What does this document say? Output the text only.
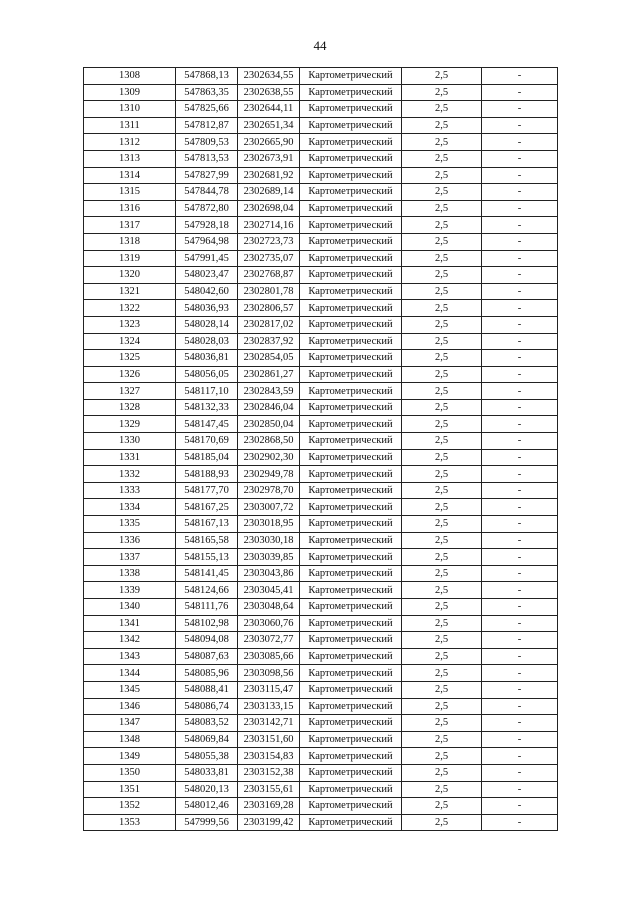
44
1308	547868,13	2302634,55	Картометрический	2,5	-
1309	547863,35	2302638,55	Картометрический	2,5	-
1310	547825,66	2302644,11	Картометрический	2,5	-
1311	547812,87	2302651,34	Картометрический	2,5	-
1312	547809,53	2302665,90	Картометрический	2,5	-
1313	547813,53	2302673,91	Картометрический	2,5	-
1314	547827,99	2302681,92	Картометрический	2,5	-
1315	547844,78	2302689,14	Картометрический	2,5	-
1316	547872,80	2302698,04	Картометрический	2,5	-
1317	547928,18	2302714,16	Картометрический	2,5	-
1318	547964,98	2302723,73	Картометрический	2,5	-
1319	547991,45	2302735,07	Картометрический	2,5	-
1320	548023,47	2302768,87	Картометрический	2,5	-
1321	548042,60	2302801,78	Картометрический	2,5	-
1322	548036,93	2302806,57	Картометрический	2,5	-
1323	548028,14	2302817,02	Картометрический	2,5	-
1324	548028,03	2302837,92	Картометрический	2,5	-
1325	548036,81	2302854,05	Картометрический	2,5	-
1326	548056,05	2302861,27	Картометрический	2,5	-
1327	548117,10	2302843,59	Картометрический	2,5	-
1328	548132,33	2302846,04	Картометрический	2,5	-
1329	548147,45	2302850,04	Картометрический	2,5	-
1330	548170,69	2302868,50	Картометрический	2,5	-
1331	548185,04	2302902,30	Картометрический	2,5	-
1332	548188,93	2302949,78	Картометрический	2,5	-
1333	548177,70	2302978,70	Картометрический	2,5	-
1334	548167,25	2303007,72	Картометрический	2,5	-
1335	548167,13	2303018,95	Картометрический	2,5	-
1336	548165,58	2303030,18	Картометрический	2,5	-
1337	548155,13	2303039,85	Картометрический	2,5	-
1338	548141,45	2303043,86	Картометрический	2,5	-
1339	548124,66	2303045,41	Картометрический	2,5	-
1340	548111,76	2303048,64	Картометрический	2,5	-
1341	548102,98	2303060,76	Картометрический	2,5	-
1342	548094,08	2303072,77	Картометрический	2,5	-
1343	548087,63	2303085,66	Картометрический	2,5	-
1344	548085,96	2303098,56	Картометрический	2,5	-
1345	548088,41	2303115,47	Картометрический	2,5	-
1346	548086,74	2303133,15	Картометрический	2,5	-
1347	548083,52	2303142,71	Картометрический	2,5	-
1348	548069,84	2303151,60	Картометрический	2,5	-
1349	548055,38	2303154,83	Картометрический	2,5	-
1350	548033,81	2303152,38	Картометрический	2,5	-
1351	548020,13	2303155,61	Картометрический	2,5	-
1352	548012,46	2303169,28	Картометрический	2,5	-
1353	547999,56	2303199,42	Картометрический	2,5	-
